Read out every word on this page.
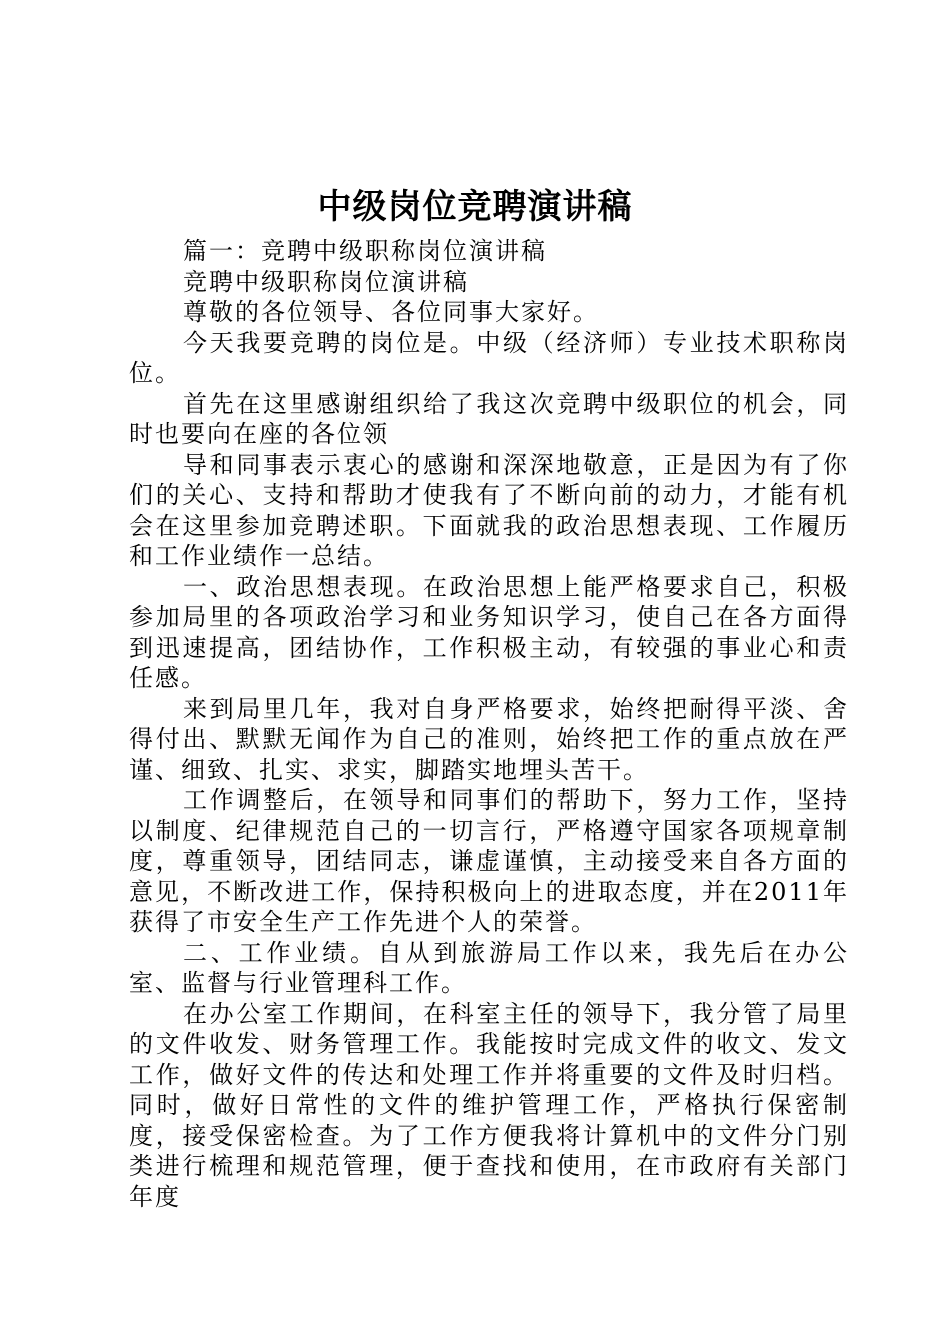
中级岗位竞聘演讲稿

篇一：竞聘中级职称岗位演讲稿

竞聘中级职称岗位演讲稿

尊敬的各位领导、各位同事大家好。

今天我要竞聘的岗位是。中级（经济师）专业技术职称岗位。

首先在这里感谢组织给了我这次竞聘中级职位的机会，同时也要向在座的各位领

导和同事表示衷心的感谢和深深地敬意，正是因为有了你们的关心、支持和帮助才使我有了不断向前的动力，才能有机会在这里参加竞聘述职。下面就我的政治思想表现、工作履历和工作业绩作一总结。

一、政治思想表现。在政治思想上能严格要求自己，积极参加局里的各项政治学习和业务知识学习，使自己在各方面得到迅速提高，团结协作，工作积极主动，有较强的事业心和责任感。

来到局里几年，我对自身严格要求，始终把耐得平淡、舍得付出、默默无闻作为自己的准则，始终把工作的重点放在严谨、细致、扎实、求实，脚踏实地埋头苦干。

工作调整后，在领导和同事们的帮助下，努力工作，坚持以制度、纪律规范自己的一切言行，严格遵守国家各项规章制度，尊重领导，团结同志，谦虚谨慎，主动接受来自各方面的意见，不断改进工作，保持积极向上的进取态度，并在2011年获得了市安全生产工作先进个人的荣誉。

二、工作业绩。自从到旅游局工作以来，我先后在办公室、监督与行业管理科工作。

在办公室工作期间，在科室主任的领导下，我分管了局里的文件收发、财务管理工作。我能按时完成文件的收文、发文工作，做好文件的传达和处理工作并将重要的文件及时归档。同时，做好日常性的文件的维护管理工作，严格执行保密制度，接受保密检查。为了工作方便我将计算机中的文件分门别类进行梳理和规范管理，便于查找和使用，在市政府有关部门年度
